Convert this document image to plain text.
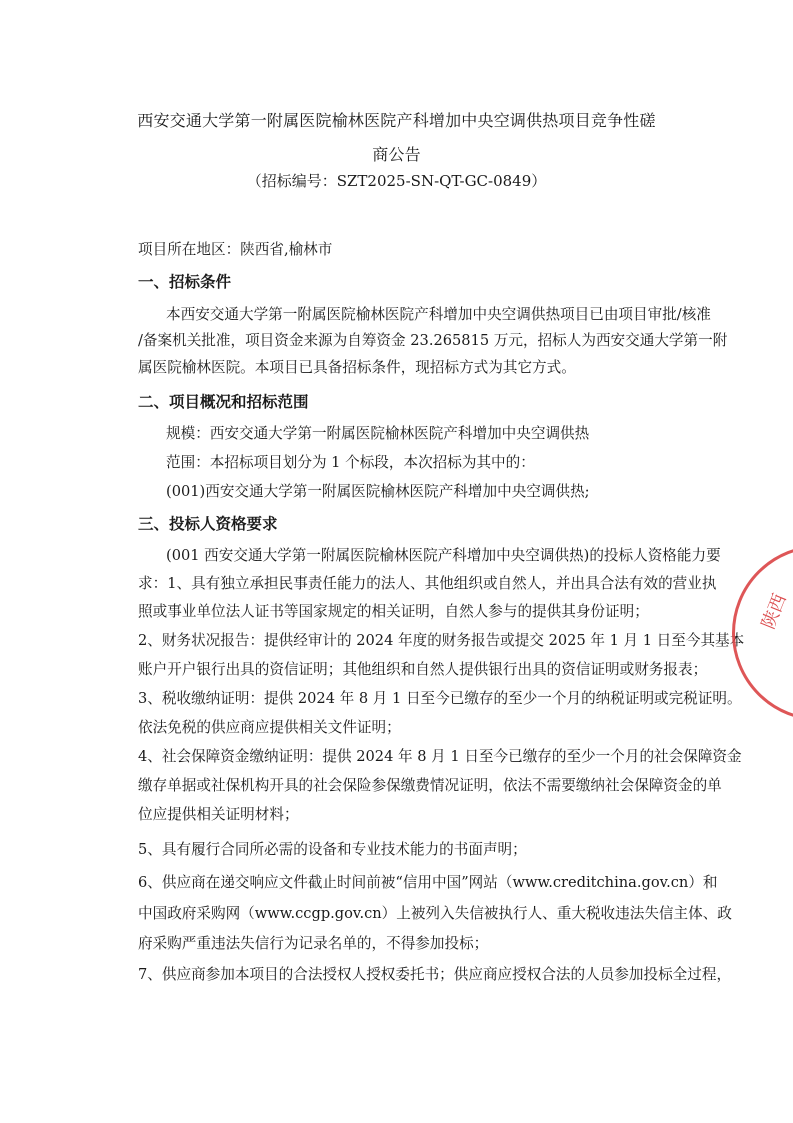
西安交通大学第一附属医院榆林医院产科增加中央空调供热项目竞争性磋商公告
（招标编号：SZT2025-SN-QT-GC-0849）
项目所在地区：陕西省,榆林市
一、招标条件
本西安交通大学第一附属医院榆林医院产科增加中央空调供热项目已由项目审批/核准
/备案机关批准，项目资金来源为自筹资金 23.265815 万元，招标人为西安交通大学第一附
属医院榆林医院。本项目已具备招标条件，现招标方式为其它方式。
二、项目概况和招标范围
规模：西安交通大学第一附属医院榆林医院产科增加中央空调供热
范围：本招标项目划分为 1 个标段，本次招标为其中的：
(001)西安交通大学第一附属医院榆林医院产科增加中央空调供热;
三、投标人资格要求
(001 西安交通大学第一附属医院榆林医院产科增加中央空调供热)的投标人资格能力要
求：1、具有独立承担民事责任能力的法人、其他组织或自然人，并出具合法有效的营业执
照或事业单位法人证书等国家规定的相关证明，自然人参与的提供其身份证明；
2、财务状况报告：提供经审计的 2024 年度的财务报告或提交 2025 年 1 月 1 日至今其基本
账户开户银行出具的资信证明；其他组织和自然人提供银行出具的资信证明或财务报表；
3、税收缴纳证明：提供 2024 年 8 月 1 日至今已缴存的至少一个月的纳税证明或完税证明。
依法免税的供应商应提供相关文件证明；
4、社会保障资金缴纳证明：提供 2024 年 8 月 1 日至今已缴存的至少一个月的社会保障资金
缴存单据或社保机构开具的社会保险参保缴费情况证明，依法不需要缴纳社会保障资金的单
位应提供相关证明材料；
5、具有履行合同所必需的设备和专业技术能力的书面声明；
6、供应商在递交响应文件截止时间前被“信用中国”网站（www.creditchina.gov.cn）和
中国政府采购网（www.ccgp.gov.cn）上被列入失信被执行人、重大税收违法失信主体、政
府采购严重违法失信行为记录名单的，不得参加投标；
7、供应商参加本项目的合法授权人授权委托书；供应商应授权合法的人员参加投标全过程，
陕西
